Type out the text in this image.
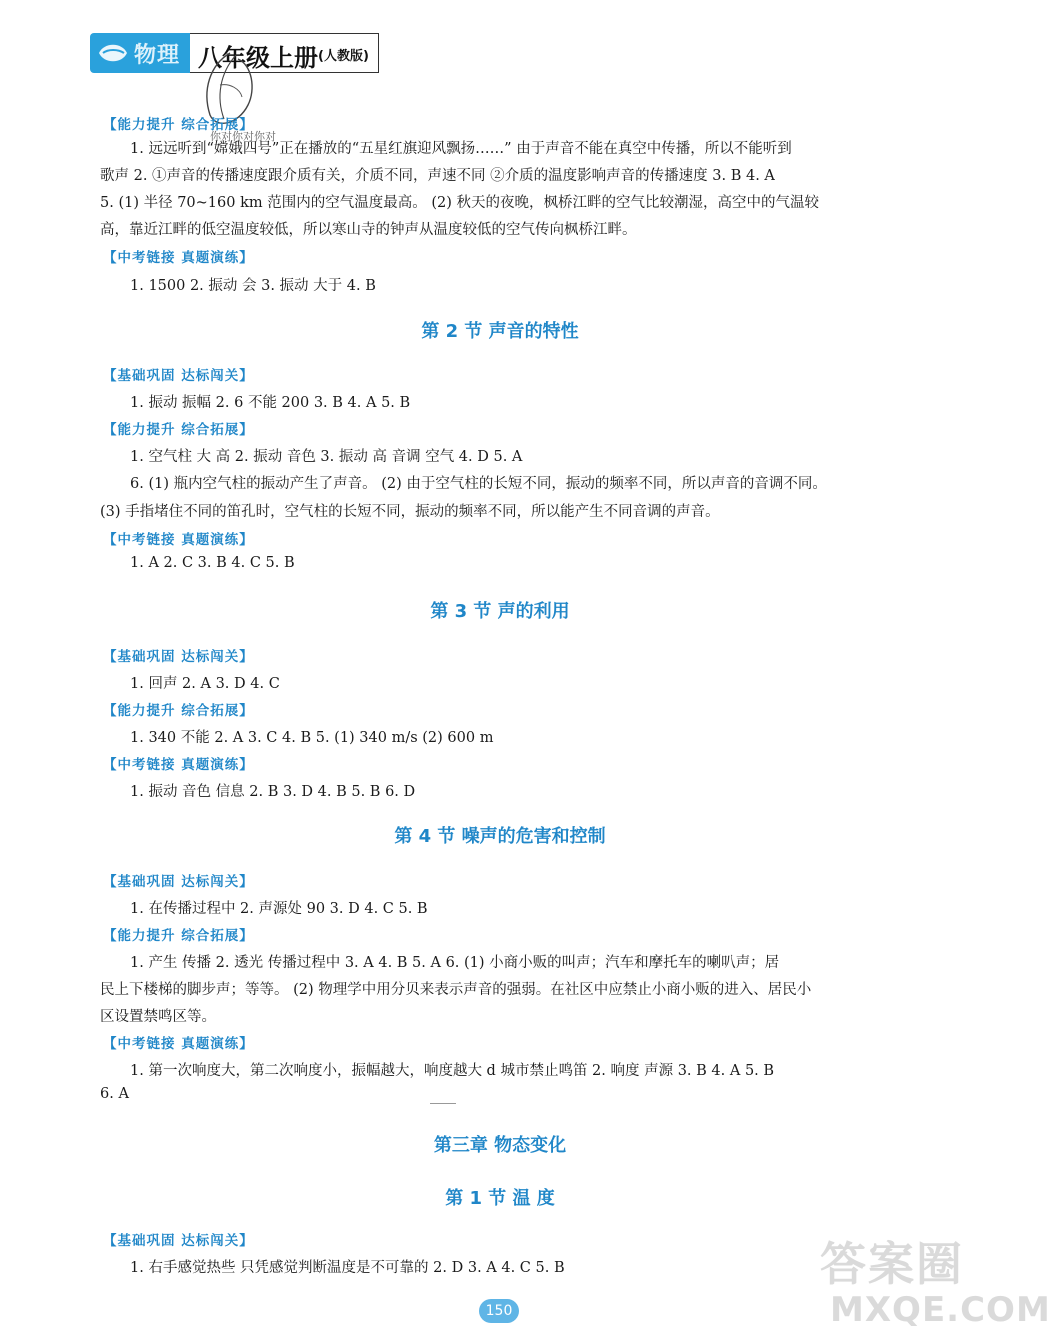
物理 八年级上册 (人教版)
你对你对你对
【能力提升 综合拓展】
1. 远远听到“嫦娥四号”正在播放的“五星红旗迎风飘扬……” 由于声音不能在真空中传播，所以不能听到
歌声 2. ①声音的传播速度跟介质有关，介质不同，声速不同 ②介质的温度影响声音的传播速度 3. B 4. A
5. (1) 半径 70~160 km 范围内的空气温度最高。 (2) 秋天的夜晚，枫桥江畔的空气比较潮湿，高空中的气温较
高，靠近江畔的低空温度较低，所以寒山寺的钟声从温度较低的空气传向枫桥江畔。
【中考链接 真题演练】
1. 1500 2. 振动 会 3. 振动 大于 4. B
第 2 节 声音的特性
【基础巩固 达标闯关】
1. 振动 振幅 2. 6 不能 200 3. B 4. A 5. B
【能力提升 综合拓展】
1. 空气柱 大 高 2. 振动 音色 3. 振动 高 音调 空气 4. D 5. A
6. (1) 瓶内空气柱的振动产生了声音。 (2) 由于空气柱的长短不同，振动的频率不同，所以声音的音调不同。
(3) 手指堵住不同的笛孔时，空气柱的长短不同，振动的频率不同，所以能产生不同音调的声音。
【中考链接 真题演练】
1. A 2. C 3. B 4. C 5. B
第 3 节 声的利用
【基础巩固 达标闯关】
1. 回声 2. A 3. D 4. C
【能力提升 综合拓展】
1. 340 不能 2. A 3. C 4. B 5. (1) 340 m/s (2) 600 m
【中考链接 真题演练】
1. 振动 音色 信息 2. B 3. D 4. B 5. B 6. D
第 4 节 噪声的危害和控制
【基础巩固 达标闯关】
1. 在传播过程中 2. 声源处 90 3. D 4. C 5. B
【能力提升 综合拓展】
1. 产生 传播 2. 透光 传播过程中 3. A 4. B 5. A 6. (1) 小商小贩的叫声；汽车和摩托车的喇叭声；居
民上下楼梯的脚步声；等等。 (2) 物理学中用分贝来表示声音的强弱。在社区中应禁止小商小贩的进入、居民小
区设置禁鸣区等。
【中考链接 真题演练】
1. 第一次响度大，第二次响度小，振幅越大，响度越大 d 城市禁止鸣笛 2. 响度 声源 3. B 4. A 5. B
6. A
第三章 物态变化
第 1 节 温 度
【基础巩固 达标闯关】
1. 右手感觉热些 只凭感觉判断温度是不可靠的 2. D 3. A 4. C 5. B
150
答案圈
MXQE.COM
